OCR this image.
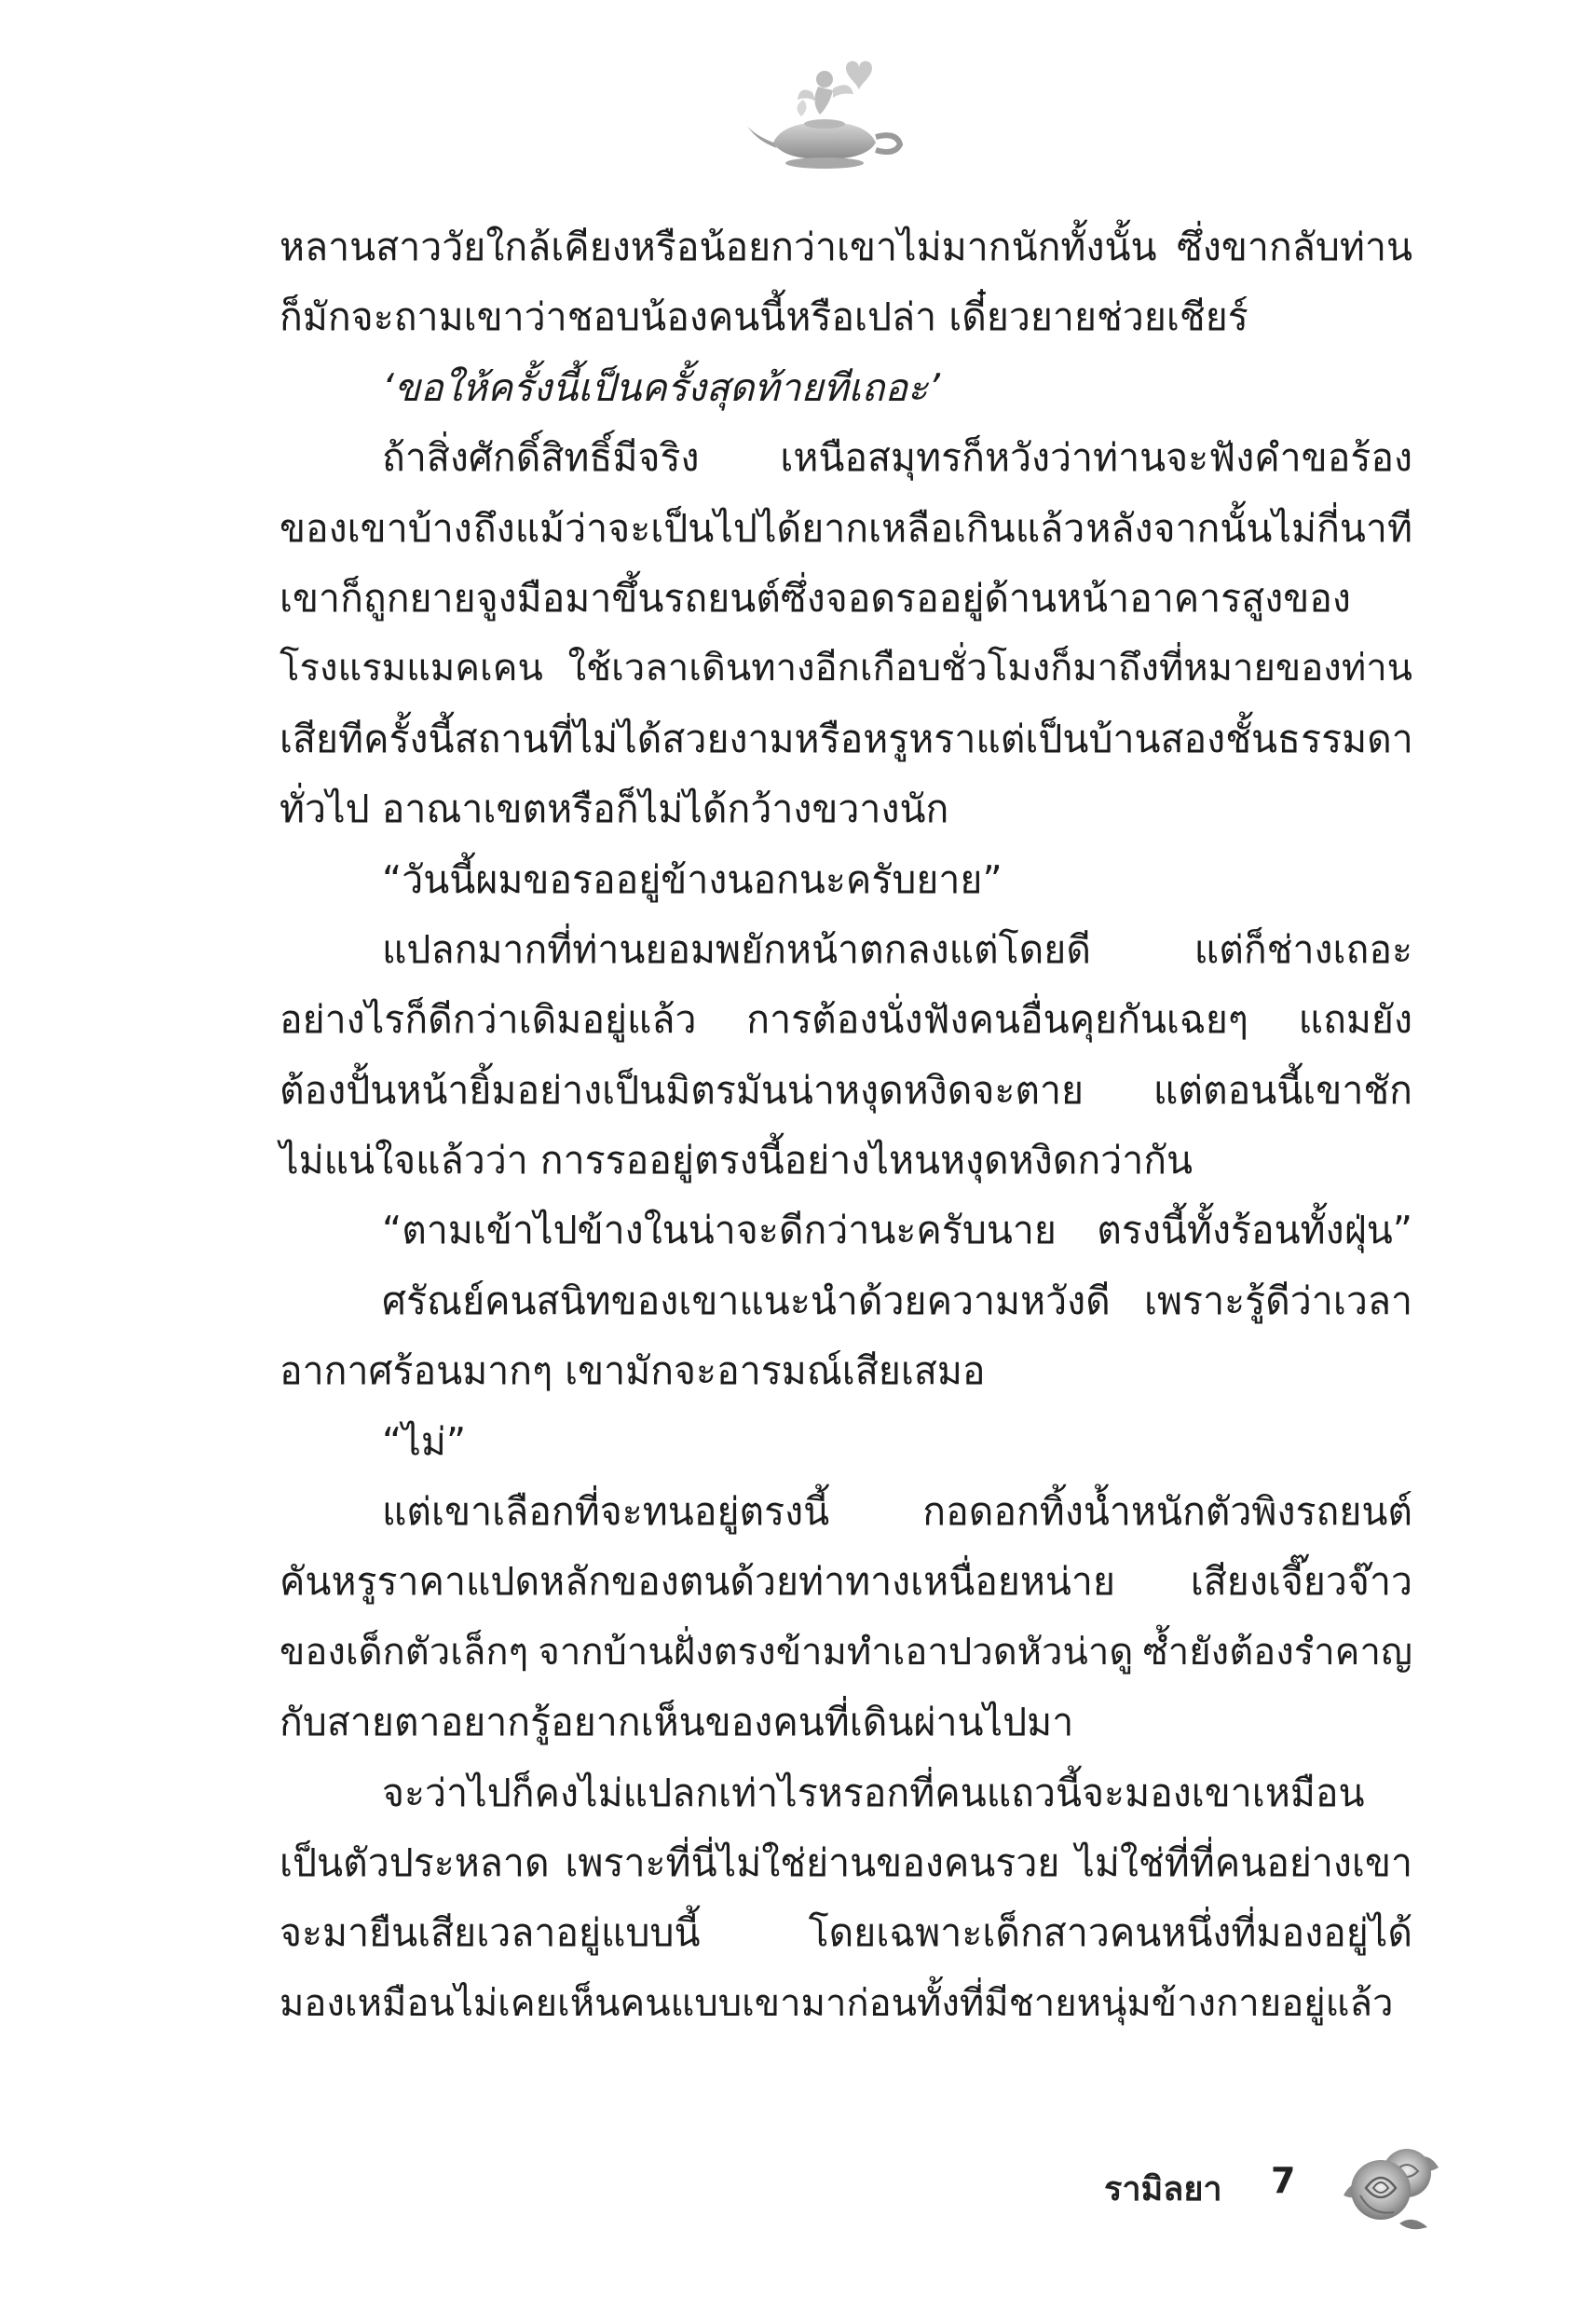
หลานสาววัยใกล้เคียงหรือน้อยกว่าเขาไม่มากนักทั้งนั้น ซึ่งขากลับท่าน
ก็มักจะถามเขาว่าชอบน้องคนนี้หรือเปล่า เดี๋ยวยายช่วยเชียร์
‘ขอให้ครั้งนี้เป็นครั้งสุดท้ายทีเถอะ’
ถ้าสิ่งศักดิ์สิทธิ์มีจริง เหนือสมุทรก็หวังว่าท่านจะฟังคำขอร้อง
ของเขาบ้าง ถึงแม้ว่าจะเป็นไปได้ยากเหลือเกินแล้ว หลังจากนั้นไม่กี่นาที
เขาก็ถูกยายจูงมือมาขึ้นรถยนต์ซึ่งจอดรออยู่ด้านหน้าอาคารสูงของ
โรงแรมแมคเคน ใช้เวลาเดินทางอีกเกือบชั่วโมงก็มาถึงที่หมายของท่าน
เสียที ครั้งนี้สถานที่ไม่ได้สวยงามหรือหรูหรา แต่เป็นบ้านสองชั้นธรรมดา
ทั่วไป อาณาเขตหรือก็ไม่ได้กว้างขวางนัก
“วันนี้ผมขอรออยู่ข้างนอกนะครับยาย”
แปลกมากที่ท่านยอมพยักหน้าตกลงแต่โดยดี	แต่ก็ช่างเถอะ
อย่างไรก็ดีกว่าเดิมอยู่แล้ว การต้องนั่งฟังคนอื่นคุยกันเฉยๆ แถมยัง
ต้องปั้นหน้ายิ้มอย่างเป็นมิตรมันน่าหงุดหงิดจะตาย แต่ตอนนี้เขาชัก
ไม่แน่ใจแล้วว่า การรออยู่ตรงนี้อย่างไหนหงุดหงิดกว่ากัน
“ตามเข้าไปข้างในน่าจะดีกว่านะครับนาย ตรงนี้ทั้งร้อนทั้งฝุ่น”
ศรัณย์คนสนิทของเขาแนะนำด้วยความหวังดี เพราะรู้ดีว่าเวลา
อากาศร้อนมากๆ เขามักจะอารมณ์เสียเสมอ
“ไม่”
แต่เขาเลือกที่จะทนอยู่ตรงนี้ กอดอกทิ้งน้ำหนักตัวพิงรถยนต์
คันหรูราคาแปดหลักของตนด้วยท่าทางเหนื่อยหน่าย เสียงเจี๊ยวจ๊าว
ของเด็กตัวเล็กๆ จากบ้านฝั่งตรงข้ามทำเอาปวดหัวน่าดู ซ้ำยังต้องรำคาญ
กับสายตาอยากรู้อยากเห็นของคนที่เดินผ่านไปมา
จะว่าไปก็คงไม่แปลกเท่าไรหรอกที่คนแถวนี้จะมองเขาเหมือน
เป็นตัวประหลาด เพราะที่นี่ไม่ใช่ย่านของคนรวย ไม่ใช่ที่ที่คนอย่างเขา
จะมายืนเสียเวลาอยู่แบบนี้	โดยเฉพาะเด็กสาวคนหนึ่งที่มองอยู่ได้
มองเหมือนไม่เคยเห็นคนแบบเขามาก่อนทั้งที่มีชายหนุ่มข้างกายอยู่แล้ว
รามิลยา 7
